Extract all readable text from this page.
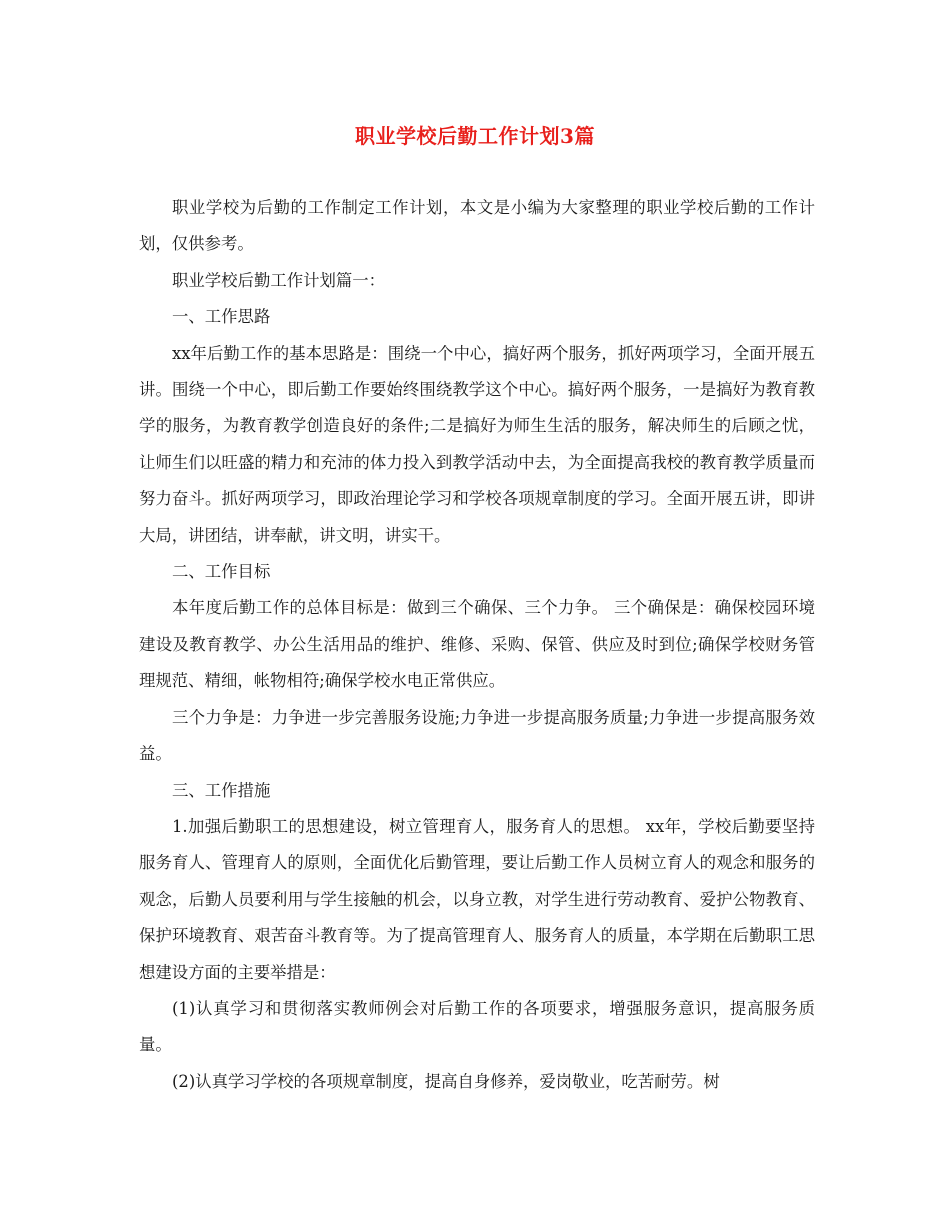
职业学校后勤工作计划3篇

职业学校为后勤的工作制定工作计划，本文是小编为大家整理的职业学校后勤的工作计划，仅供参考。

职业学校后勤工作计划篇一：

一、工作思路

xx年后勤工作的基本思路是：围绕一个中心，搞好两个服务，抓好两项学习，全面开展五讲。围绕一个中心，即后勤工作要始终围绕教学这个中心。搞好两个服务，一是搞好为教育教学的服务，为教育教学创造良好的条件;二是搞好为师生生活的服务，解决师生的后顾之忧，让师生们以旺盛的精力和充沛的体力投入到教学活动中去，为全面提高我校的教育教学质量而努力奋斗。抓好两项学习，即政治理论学习和学校各项规章制度的学习。全面开展五讲，即讲大局，讲团结，讲奉献，讲文明，讲实干。

二、工作目标

本年度后勤工作的总体目标是：做到三个确保、三个力争。 三个确保是：确保校园环境建设及教育教学、办公生活用品的维护、维修、采购、保管、供应及时到位;确保学校财务管理规范、精细，帐物相符;确保学校水电正常供应。

三个力争是：力争进一步完善服务设施;力争进一步提高服务质量;力争进一步提高服务效益。

三、工作措施

1.加强后勤职工的思想建设，树立管理育人，服务育人的思想。 xx年，学校后勤要坚持服务育人、管理育人的原则，全面优化后勤管理，要让后勤工作人员树立育人的观念和服务的观念，后勤人员要利用与学生接触的机会，以身立教，对学生进行劳动教育、爱护公物教育、保护环境教育、艰苦奋斗教育等。为了提高管理育人、服务育人的质量，本学期在后勤职工思想建设方面的主要举措是：

(1)认真学习和贯彻落实教师例会对后勤工作的各项要求，增强服务意识，提高服务质量。

(2)认真学习学校的各项规章制度，提高自身修养，爱岗敬业，吃苦耐劳。树
